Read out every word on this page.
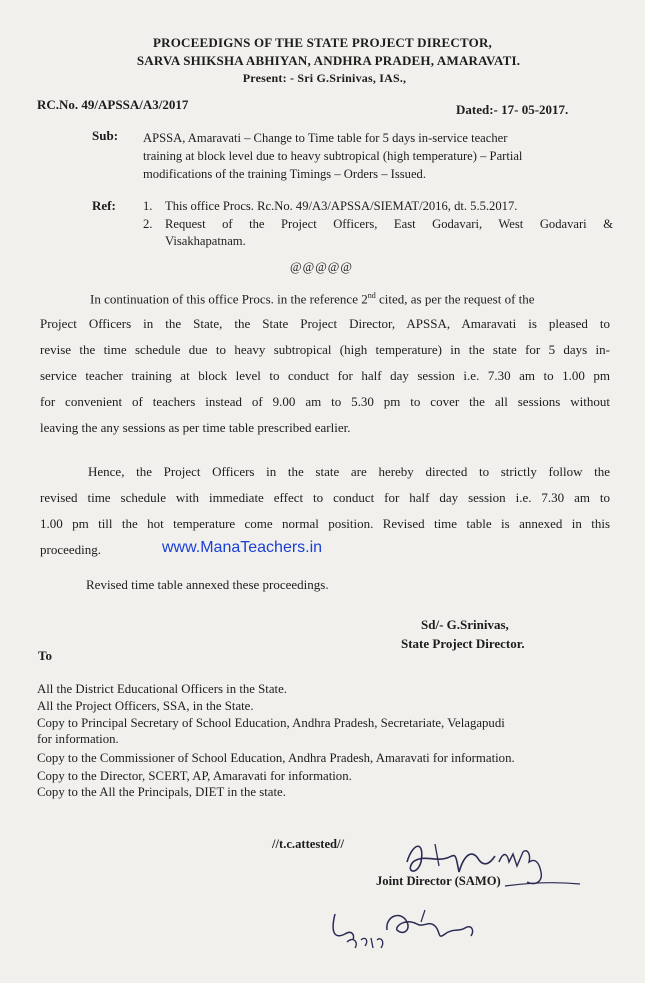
PROCEEDIGNS OF THE STATE PROJECT DIRECTOR,
SARVA SHIKSHA ABHIYAN, ANDHRA PRADEH, AMARAVATI.
Present: - Sri G.Srinivas, IAS.,
RC.No. 49/APSSA/A3/2017	Dated:- 17- 05-2017.
Sub: APSSA, Amaravati – Change to Time table for 5 days in-service teacher
training at block level due to heavy subtropical (high temperature) – Partial
modifications of the training Timings – Orders – Issued.
Ref: 1. This office Procs. Rc.No. 49/A3/APSSA/SIEMAT/2016, dt. 5.5.2017.
2. Request of the Project Officers, East Godavari, West Godavari &
Visakhapatnam.
@@@@@
In continuation of this office Procs. in the reference 2nd cited, as per the request of the
Project Officers in the State, the State Project Director, APSSA, Amaravati is pleased to
revise the time schedule due to heavy subtropical (high temperature) in the state for 5 days in-
service teacher training at block level to conduct for half day session i.e. 7.30 am to 1.00 pm
for convenient of teachers instead of 9.00 am to 5.30 pm to cover the all sessions without
leaving the any sessions as per time table prescribed earlier.
Hence, the Project Officers in the state are hereby directed to strictly follow the
revised time schedule with immediate effect to conduct for half day session i.e. 7.30 am to
1.00 pm till the hot temperature come normal position. Revised time table is annexed in this
proceeding.	www.ManaTeachers.in
Revised time table annexed these proceedings.
Sd/- G.Srinivas,
State Project Director.
To
All the District Educational Officers in the State.
All the Project Officers, SSA, in the State.
Copy to Principal Secretary of School Education, Andhra Pradesh, Secretariate, Velagapudi
for information.
Copy to the Commissioner of School Education, Andhra Pradesh, Amaravati for information.
Copy to the Director, SCERT, AP, Amaravati for information.
Copy to the All the Principals, DIET in the state.
//t.c.attested//
Joint Director (SAMO)
